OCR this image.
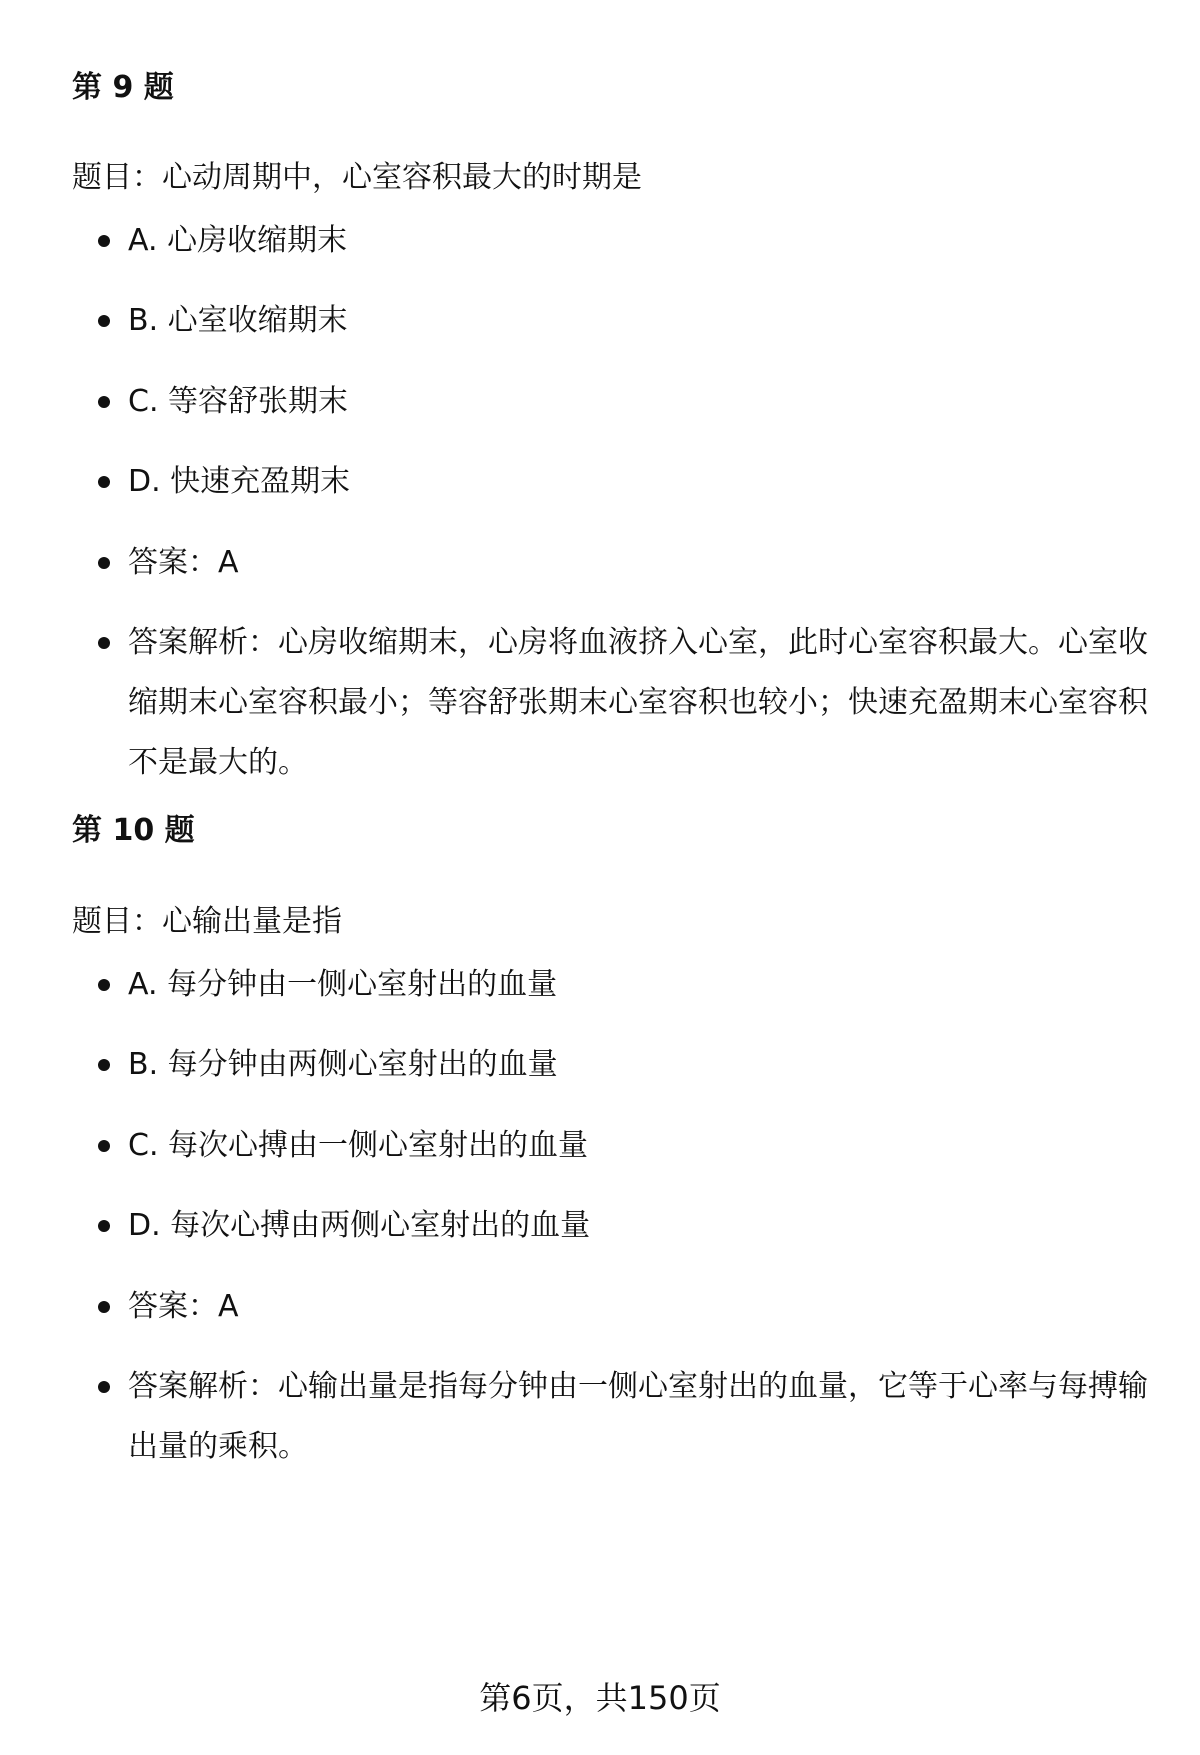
第 9 题
题目：心动周期中，心室容积最大的时期是
A. 心房收缩期末
B. 心室收缩期末
C. 等容舒张期末
D. 快速充盈期末
答案：A
答案解析：心房收缩期末，心房将血液挤入心室，此时心室容积最大。心室收缩期末心室容积最小；等容舒张期末心室容积也较小；快速充盈期末心室容积不是最大的。
第 10 题
题目：心输出量是指
A. 每分钟由一侧心室射出的血量
B. 每分钟由两侧心室射出的血量
C. 每次心搏由一侧心室射出的血量
D. 每次心搏由两侧心室射出的血量
答案：A
答案解析：心输出量是指每分钟由一侧心室射出的血量，它等于心率与每搏输出量的乘积。
第6页，共150页
